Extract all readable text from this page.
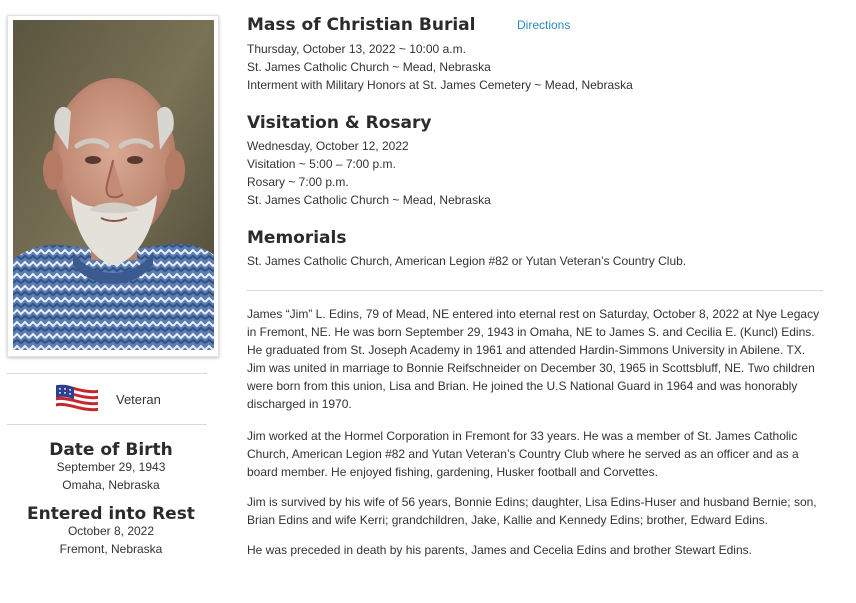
Veteran
Date of Birth
September 29, 1943
Omaha, Nebraska
Entered into Rest
October 8, 2022
Fremont, Nebraska
Mass of Christian Burial	Directions
Thursday, October 13, 2022 ~ 10:00 a.m.
St. James Catholic Church ~ Mead, Nebraska
Interment with Military Honors at St. James Cemetery ~ Mead, Nebraska
Visitation & Rosary
Wednesday, October 12, 2022
Visitation ~ 5:00 – 7:00 p.m.
Rosary ~ 7:00 p.m.
St. James Catholic Church ~ Mead, Nebraska
Memorials
St. James Catholic Church, American Legion #82 or Yutan Veteran’s Country Club.

James “Jim” L. Edins, 79 of Mead, NE entered into eternal rest on Saturday, October 8, 2022 at Nye Legacy in Fremont, NE. He was born September 29, 1943 in Omaha, NE to James S. and Cecilia E. (Kuncl) Edins. He graduated from St. Joseph Academy in 1961 and attended Hardin-Simmons University in Abilene. TX. Jim was united in marriage to Bonnie Reifschneider on December 30, 1965 in Scottsbluff, NE. Two children were born from this union, Lisa and Brian. He joined the U.S National Guard in 1964 and was honorably discharged in 1970.

Jim worked at the Hormel Corporation in Fremont for 33 years. He was a member of St. James Catholic Church, American Legion #82 and Yutan Veteran’s Country Club where he served as an officer and as a board member. He enjoyed fishing, gardening, Husker football and Corvettes.

Jim is survived by his wife of 56 years, Bonnie Edins; daughter, Lisa Edins-Huser and husband Bernie; son, Brian Edins and wife Kerri; grandchildren, Jake, Kallie and Kennedy Edins; brother, Edward Edins.

He was preceded in death by his parents, James and Cecelia Edins and brother Stewart Edins.
